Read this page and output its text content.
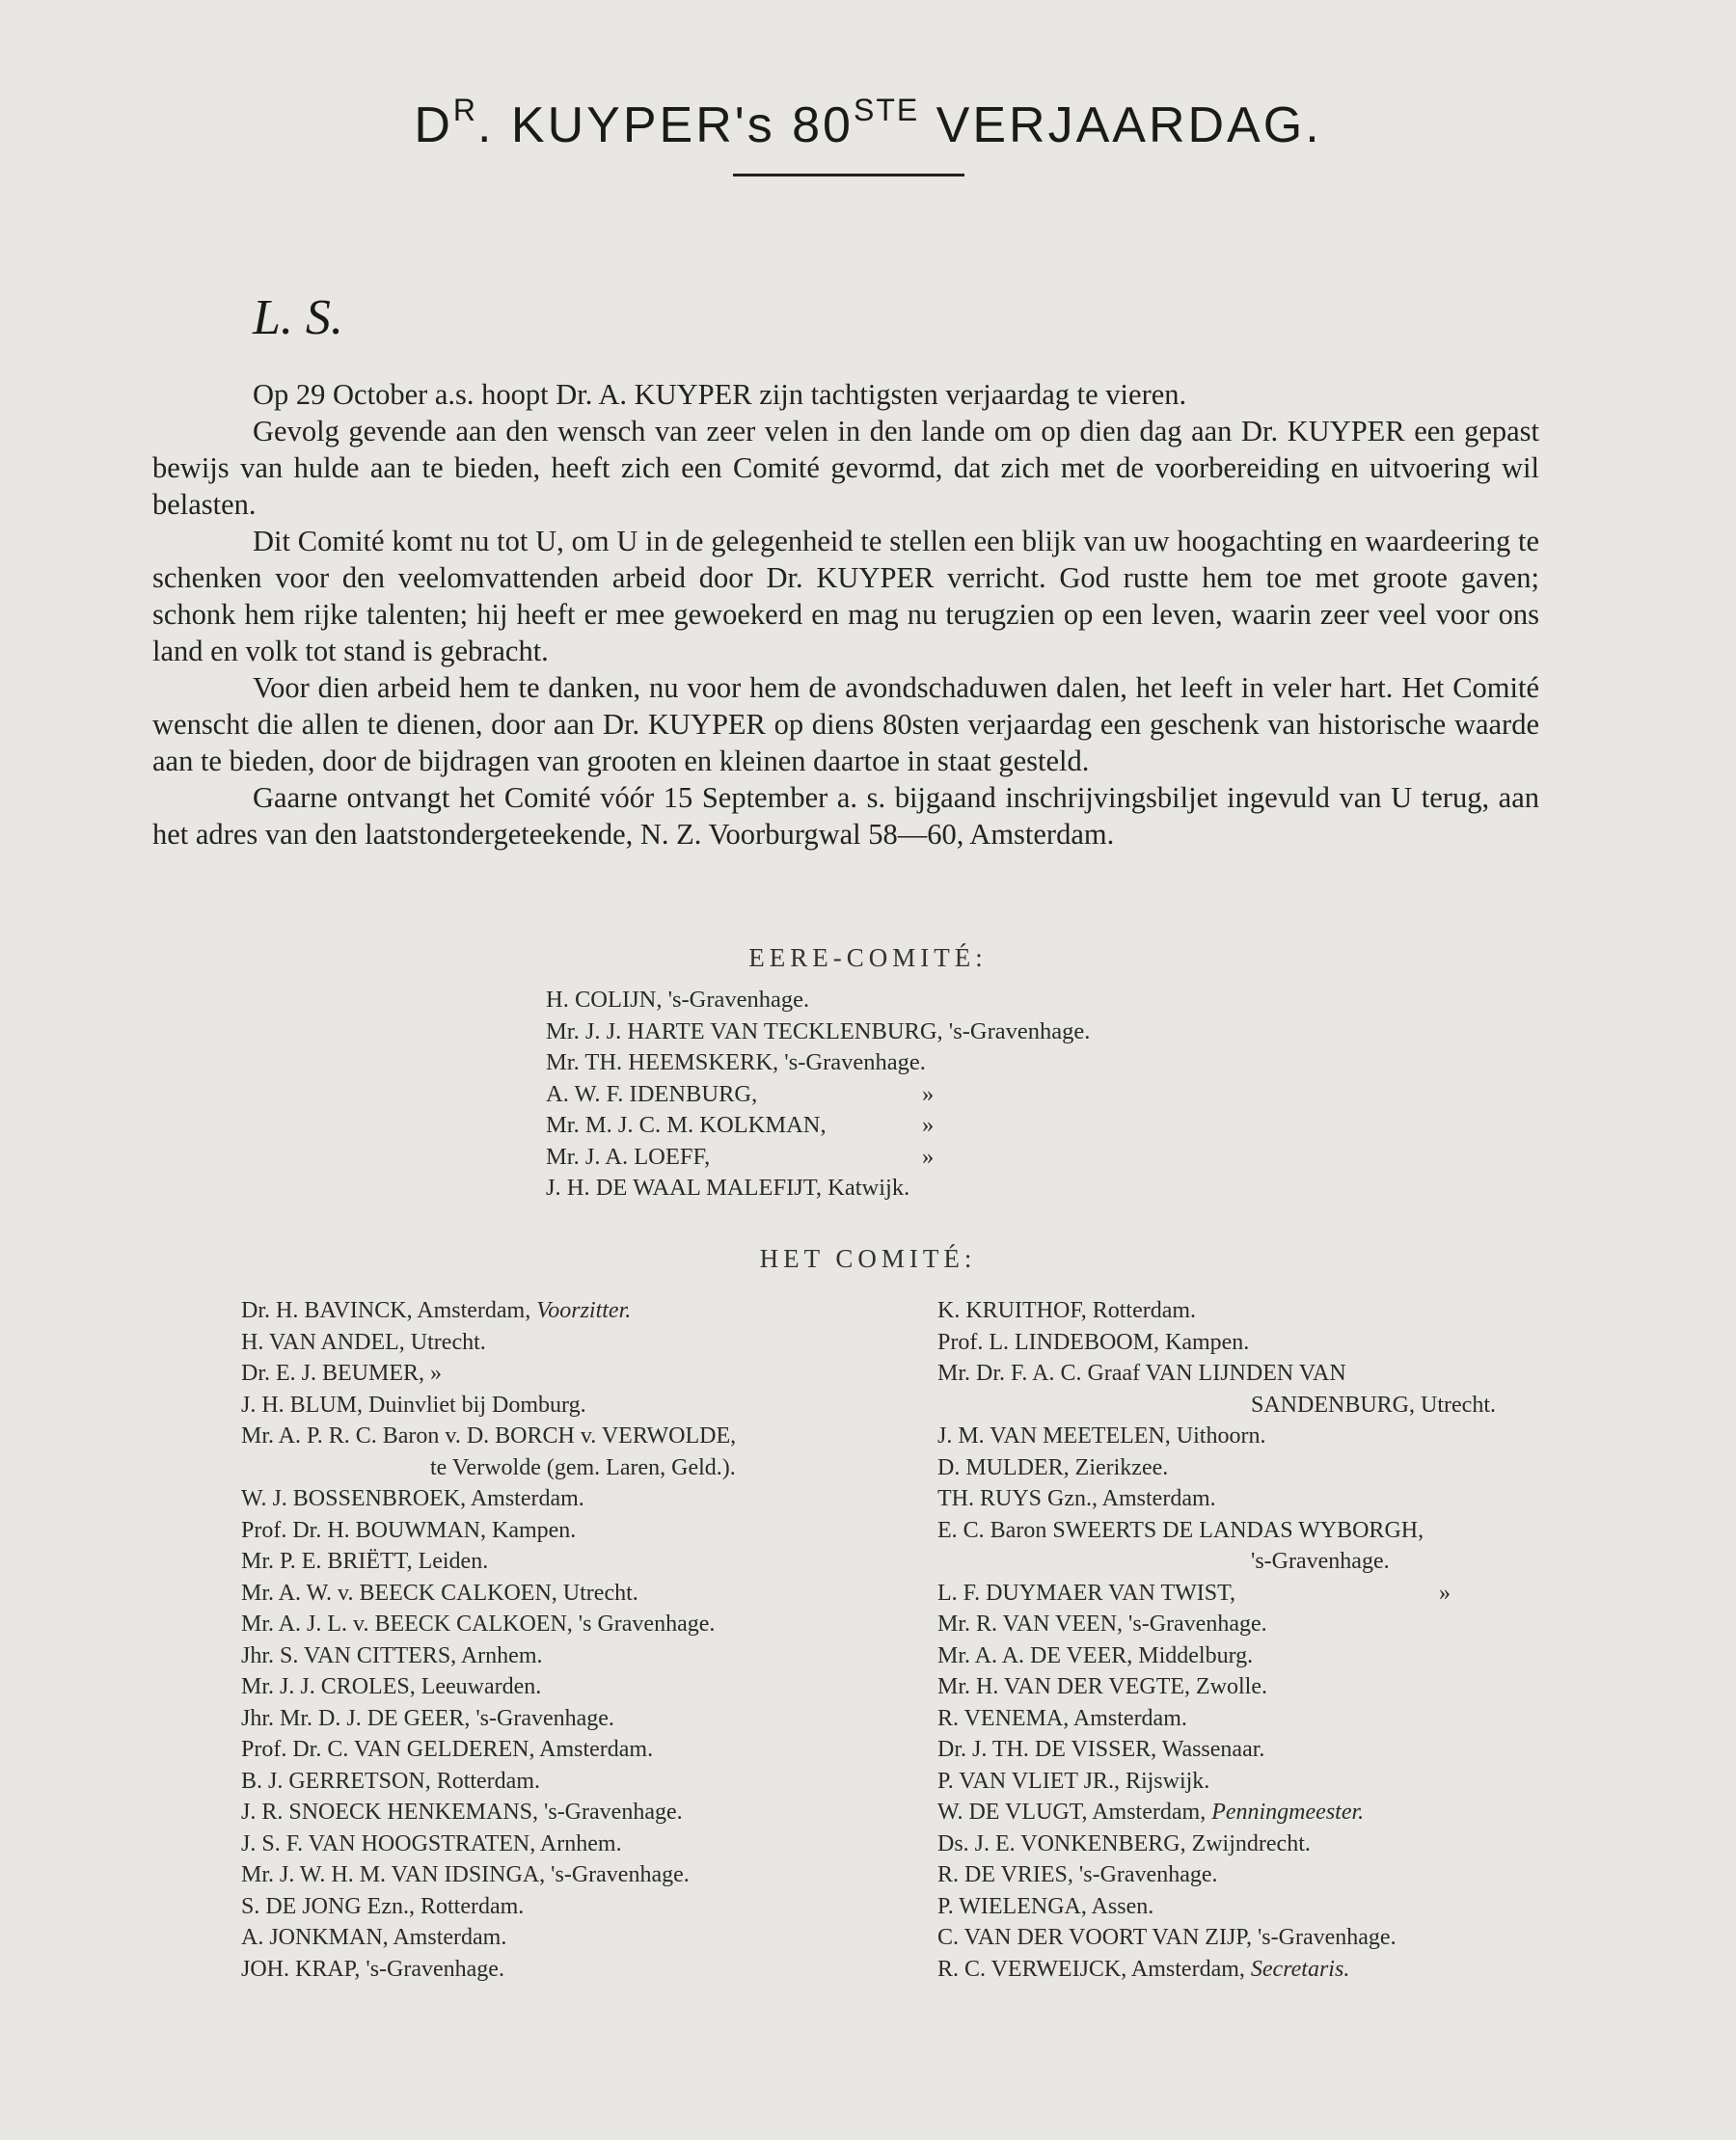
$D^R$. KUYPER's 80STE VERJAARDAG.
L. S.

Op 29 October a.s. hoopt Dr. A. KUYPER zijn tachtigsten verjaardag te vieren.

Gevolg gevende aan den wensch van zeer velen in den lande om op dien dag aan Dr. KUYPER een gepast bewijs van hulde aan te bieden, heeft zich een Comité gevormd, dat zich met de voorbereiding en uitvoering wil belasten.

Dit Comité komt nu tot U, om U in de gelegenheid te stellen een blijk van uw hoogachting en waardeering te schenken voor den veelomvattenden arbeid door Dr. KUYPER verricht. God rustte hem toe met groote gaven; schonk hem rijke talenten; hij heeft er mee gewoekerd en mag nu terugzien op een leven, waarin zeer veel voor ons land en volk tot stand is gebracht.

Voor dien arbeid hem te danken, nu voor hem de avondschaduwen dalen, het leeft in veler hart. Het Comité wenscht die allen te dienen, door aan Dr. KUYPER op diens 80sten verjaardag een geschenk van historische waarde aan te bieden, door de bijdragen van grooten en kleinen daartoe in staat gesteld.

Gaarne ontvangt het Comité vóór 15 September a. s. bijgaand inschrijvingsbiljet ingevuld van U terug, aan het adres van den laatstondergeteekende, N. Z. Voorburgwal 58—60, Amsterdam.

EERE-COMITÉ:
H. COLIJN, 's-Gravenhage.
Mr. J. J. HARTE VAN TECKLENBURG, 's-Gravenhage.
Mr. TH. HEEMSKERK, 's-Gravenhage.
A. W. F. IDENBURG,	»
Mr. M. J. C. M. KOLKMAN,	»
Mr. J. A. LOEFF,	»
J. H. DE WAAL MALEFIJT, Katwijk.
HET COMITÉ:
Dr. H. BAVINCK, Amsterdam, Voorzitter.
H. VAN ANDEL, Utrecht.
Dr. E. J. BEUMER, »
J. H. BLUM, Duinvliet bij Domburg.
Mr. A. P. R. C. Baron v. D. BORCH v. VERWOLDE,
te Verwolde (gem. Laren, Geld.).
W. J. BOSSENBROEK, Amsterdam.
Prof. Dr. H. BOUWMAN, Kampen.
Mr. P. E. BRIËTT, Leiden.
Mr. A. W. v. BEECK CALKOEN, Utrecht.
Mr. A. J. L. v. BEECK CALKOEN, 's Gravenhage.
Jhr. S. VAN CITTERS, Arnhem.
Mr. J. J. CROLES, Leeuwarden.
Jhr. Mr. D. J. DE GEER, 's-Gravenhage.
Prof. Dr. C. VAN GELDEREN, Amsterdam.
B. J. GERRETSON, Rotterdam.
J. R. SNOECK HENKEMANS, 's-Gravenhage.
J. S. F. VAN HOOGSTRATEN, Arnhem.
Mr. J. W. H. M. VAN IDSINGA, 's-Gravenhage.
S. DE JONG Ezn., Rotterdam.
A. JONKMAN, Amsterdam.
JOH. KRAP, 's-Gravenhage.
K. KRUITHOF, Rotterdam.
Prof. L. LINDEBOOM, Kampen.
Mr. Dr. F. A. C. Graaf VAN LIJNDEN VAN
SANDENBURG, Utrecht.
J. M. VAN MEETELEN, Uithoorn.
D. MULDER, Zierikzee.
TH. RUYS Gzn., Amsterdam.
E. C. Baron SWEERTS DE LANDAS WYBORGH,
's-Gravenhage.
L. F. DUYMAER VAN TWIST,	»
Mr. R. VAN VEEN, 's-Gravenhage.
Mr. A. A. DE VEER, Middelburg.
Mr. H. VAN DER VEGTE, Zwolle.
R. VENEMA, Amsterdam.
Dr. J. TH. DE VISSER, Wassenaar.
P. VAN VLIET JR., Rijswijk.
W. DE VLUGT, Amsterdam, Penningmeester.
Ds. J. E. VONKENBERG, Zwijndrecht.
R. DE VRIES, 's-Gravenhage.
P. WIELENGA, Assen.
C. VAN DER VOORT VAN ZIJP, 's-Gravenhage.
R. C. VERWEIJCK, Amsterdam, Secretaris.
